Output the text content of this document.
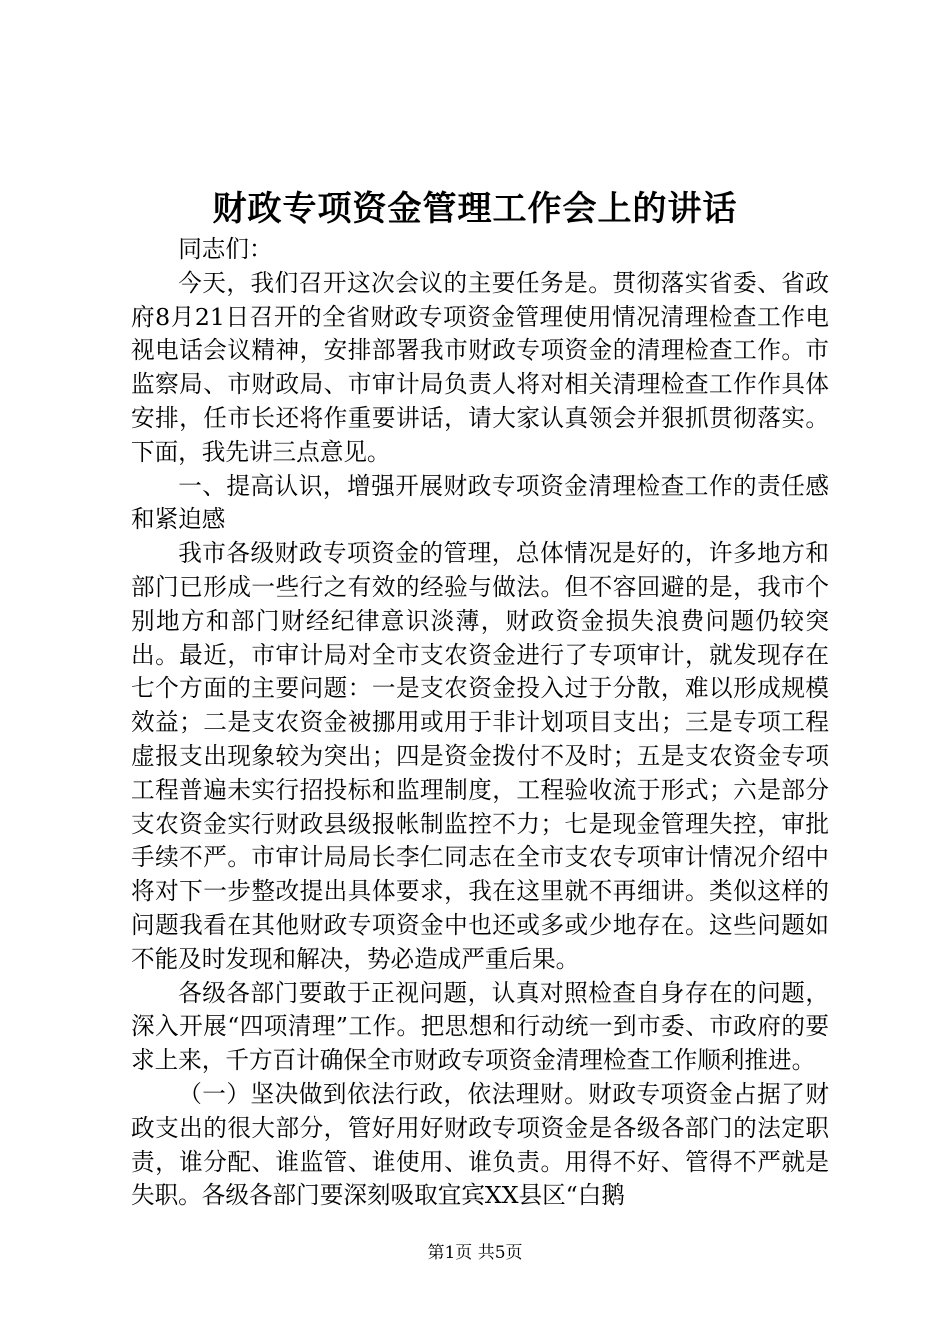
财政专项资金管理工作会上的讲话

同志们：

今天，我们召开这次会议的主要任务是。贯彻落实省委、省政府8月21日召开的全省财政专项资金管理使用情况清理检查工作电视电话会议精神，安排部署我市财政专项资金的清理检查工作。市监察局、市财政局、市审计局负责人将对相关清理检查工作作具体安排，任市长还将作重要讲话，请大家认真领会并狠抓贯彻落实。下面，我先讲三点意见。

一、提高认识，增强开展财政专项资金清理检查工作的责任感和紧迫感

我市各级财政专项资金的管理，总体情况是好的，许多地方和部门已形成一些行之有效的经验与做法。但不容回避的是，我市个别地方和部门财经纪律意识淡薄，财政资金损失浪费问题仍较突出。最近，市审计局对全市支农资金进行了专项审计，就发现存在七个方面的主要问题：一是支农资金投入过于分散，难以形成规模效益；二是支农资金被挪用或用于非计划项目支出；三是专项工程虚报支出现象较为突出；四是资金拨付不及时；五是支农资金专项工程普遍未实行招投标和监理制度，工程验收流于形式；六是部分支农资金实行财政县级报帐制监控不力；七是现金管理失控，审批手续不严。市审计局局长李仁同志在全市支农专项审计情况介绍中将对下一步整改提出具体要求，我在这里就不再细讲。类似这样的问题我看在其他财政专项资金中也还或多或少地存在。这些问题如不能及时发现和解决，势必造成严重后果。

各级各部门要敢于正视问题，认真对照检查自身存在的问题，深入开展“四项清理”工作。把思想和行动统一到市委、市政府的要求上来，千方百计确保全市财政专项资金清理检查工作顺利推进。

（一）坚决做到依法行政，依法理财。财政专项资金占据了财政支出的很大部分，管好用好财政专项资金是各级各部门的法定职责，谁分配、谁监管、谁使用、谁负责。用得不好、管得不严就是失职。各级各部门要深刻吸取宜宾XX县区“白鹅

第1页 共5页
